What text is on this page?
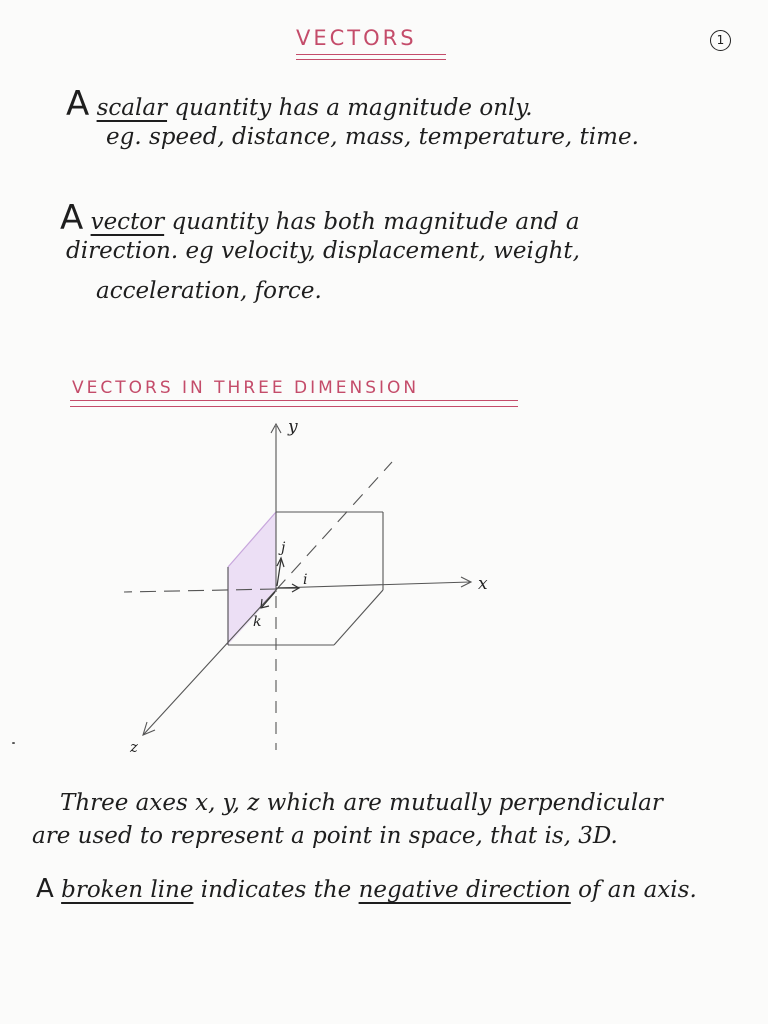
VECTORS	1
A scalar quantity has a magnitude only.
eg. speed, distance, mass, temperature, time.
A vector quantity has both magnitude and a
direction. eg velocity, displacement, weight,
acceleration, force.
VECTORS IN THREE DIMENSION
y
x
z
i
j
k
Three axes x, y, z which are mutually perpendicular
are used to represent a point in space, that is, 3D.
A broken line indicates the negative direction of an axis.
